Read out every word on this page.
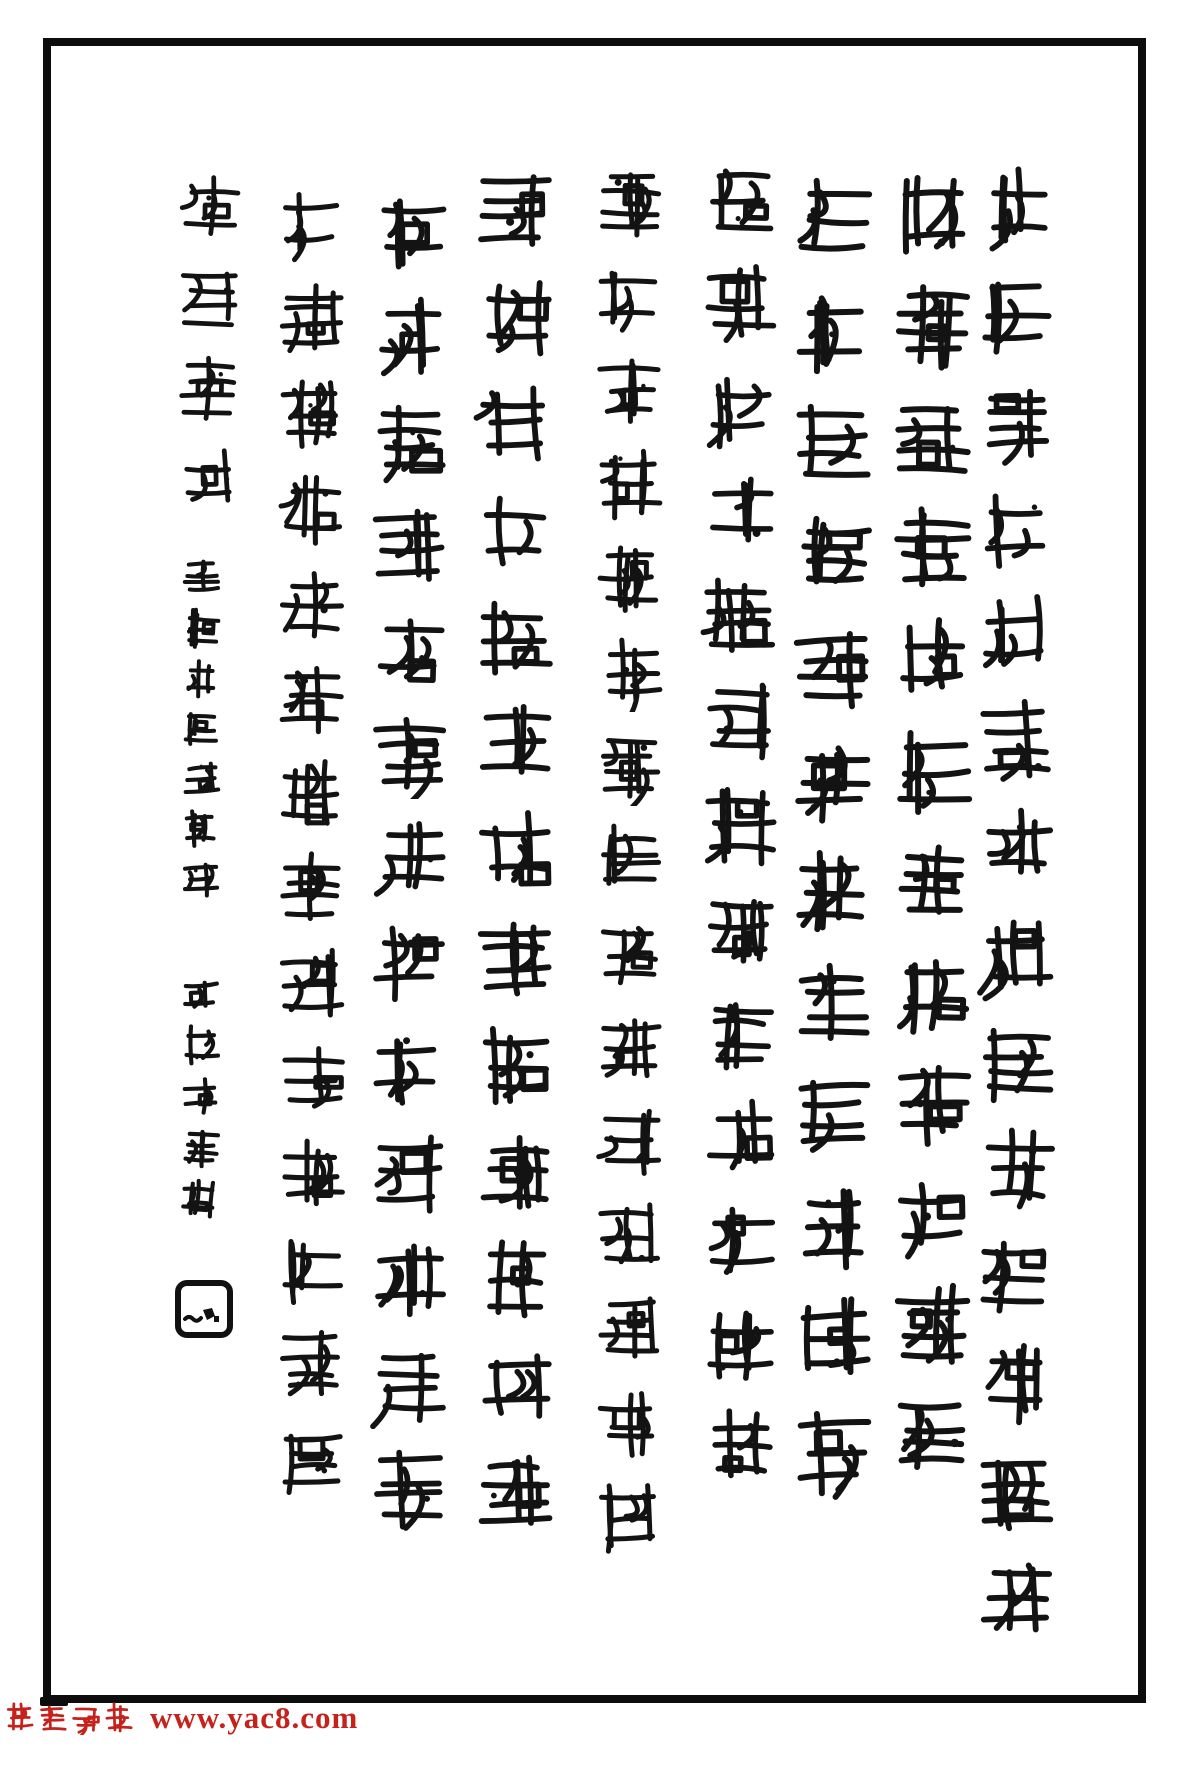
www.yac8.com
